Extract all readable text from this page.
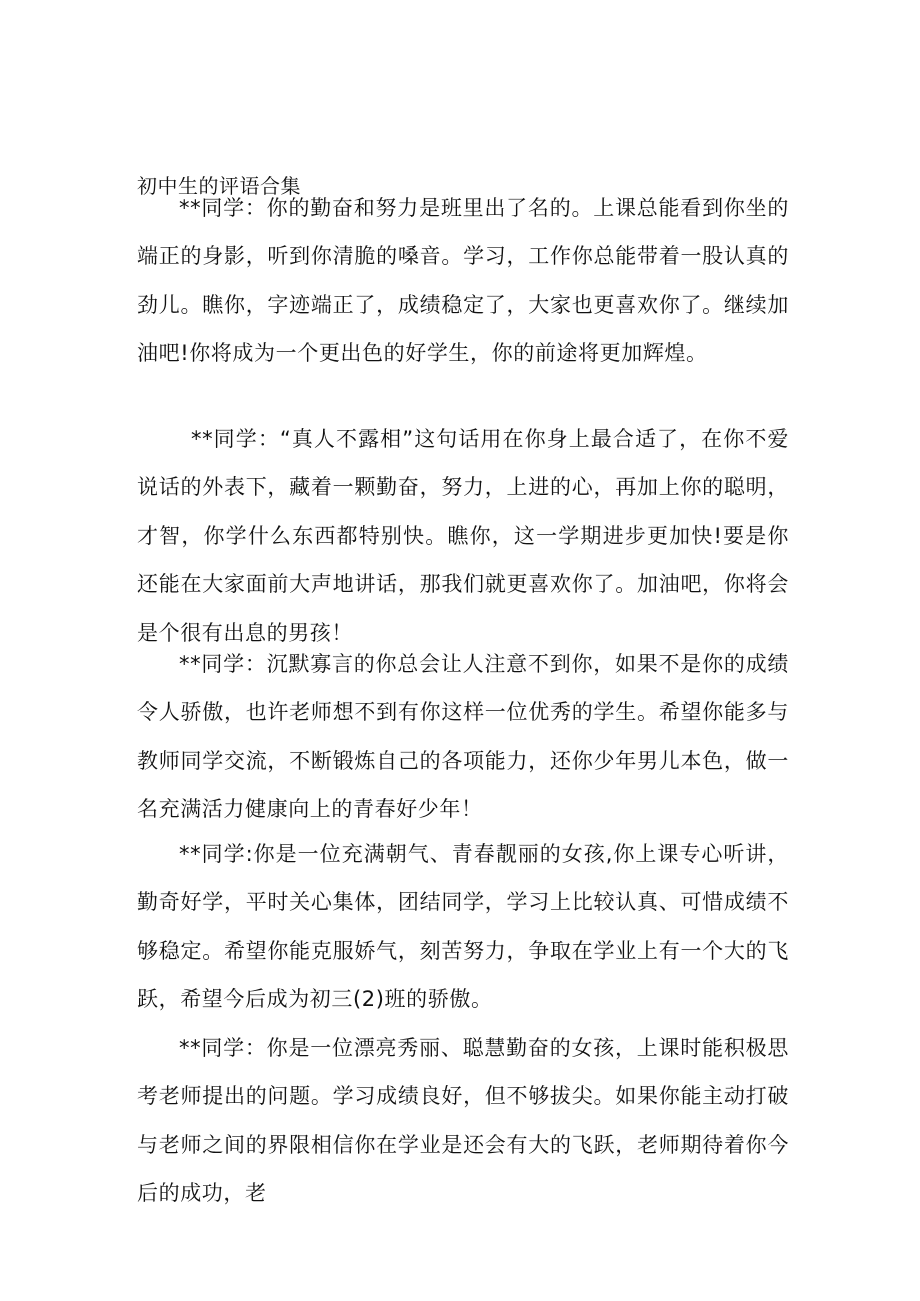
初中生的评语合集

**同学：你的勤奋和努力是班里出了名的。上课总能看到你坐的端正的身影，听到你清脆的嗓音。学习，工作你总能带着一股认真的劲儿。瞧你，字迹端正了，成绩稳定了，大家也更喜欢你了。继续加油吧!你将成为一个更出色的好学生，你的前途将更加辉煌。

**同学：“真人不露相”这句话用在你身上最合适了，在你不爱说话的外表下，藏着一颗勤奋，努力，上进的心，再加上你的聪明，才智，你学什么东西都特别快。瞧你，这一学期进步更加快!要是你还能在大家面前大声地讲话，那我们就更喜欢你了。加油吧，你将会是个很有出息的男孩！

**同学：沉默寡言的你总会让人注意不到你，如果不是你的成绩令人骄傲，也许老师想不到有你这样一位优秀的学生。希望你能多与教师同学交流，不断锻炼自己的各项能力，还你少年男儿本色，做一名充满活力健康向上的青春好少年！

**同学:你是一位充满朝气、青春靓丽的女孩,你上课专心听讲，勤奇好学，平时关心集体，团结同学，学习上比较认真、可惜成绩不够稳定。希望你能克服娇气，刻苦努力，争取在学业上有一个大的飞跃，希望今后成为初三(2)班的骄傲。

**同学：你是一位漂亮秀丽、聪慧勤奋的女孩，上课时能积极思考老师提出的问题。学习成绩良好，但不够拔尖。如果你能主动打破与老师之间的界限相信你在学业是还会有大的飞跃，老师期待着你今后的成功，老
